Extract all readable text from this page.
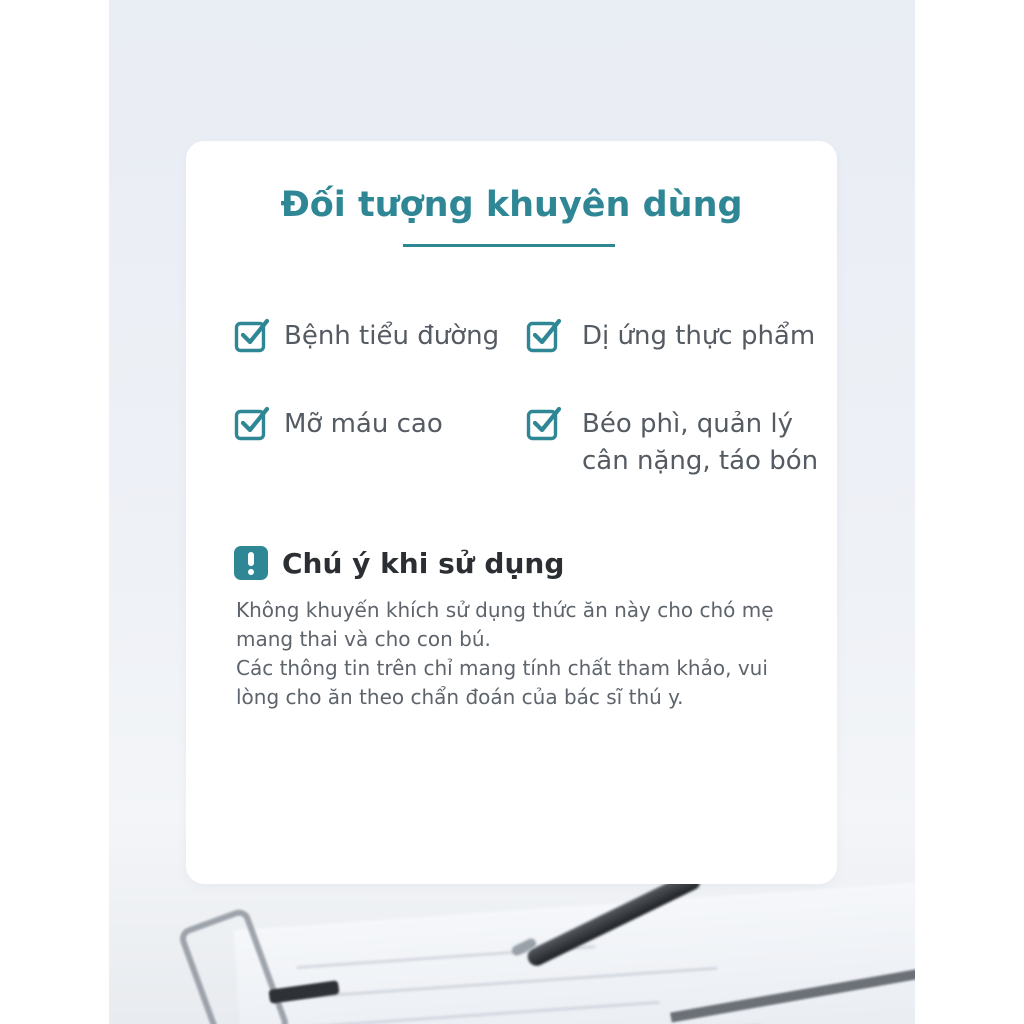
Đối tượng khuyên dùng
Bệnh tiểu đường	Dị ứng thực phẩm
Mỡ máu cao	Béo phì, quản lý
cân nặng, táo bón
Chú ý khi sử dụng

Không khuyến khích sử dụng thức ăn này cho chó mẹ mang thai và cho con bú.

Các thông tin trên chỉ mang tính chất tham khảo, vui lòng cho ăn theo chẩn đoán của bác sĩ thú y.
